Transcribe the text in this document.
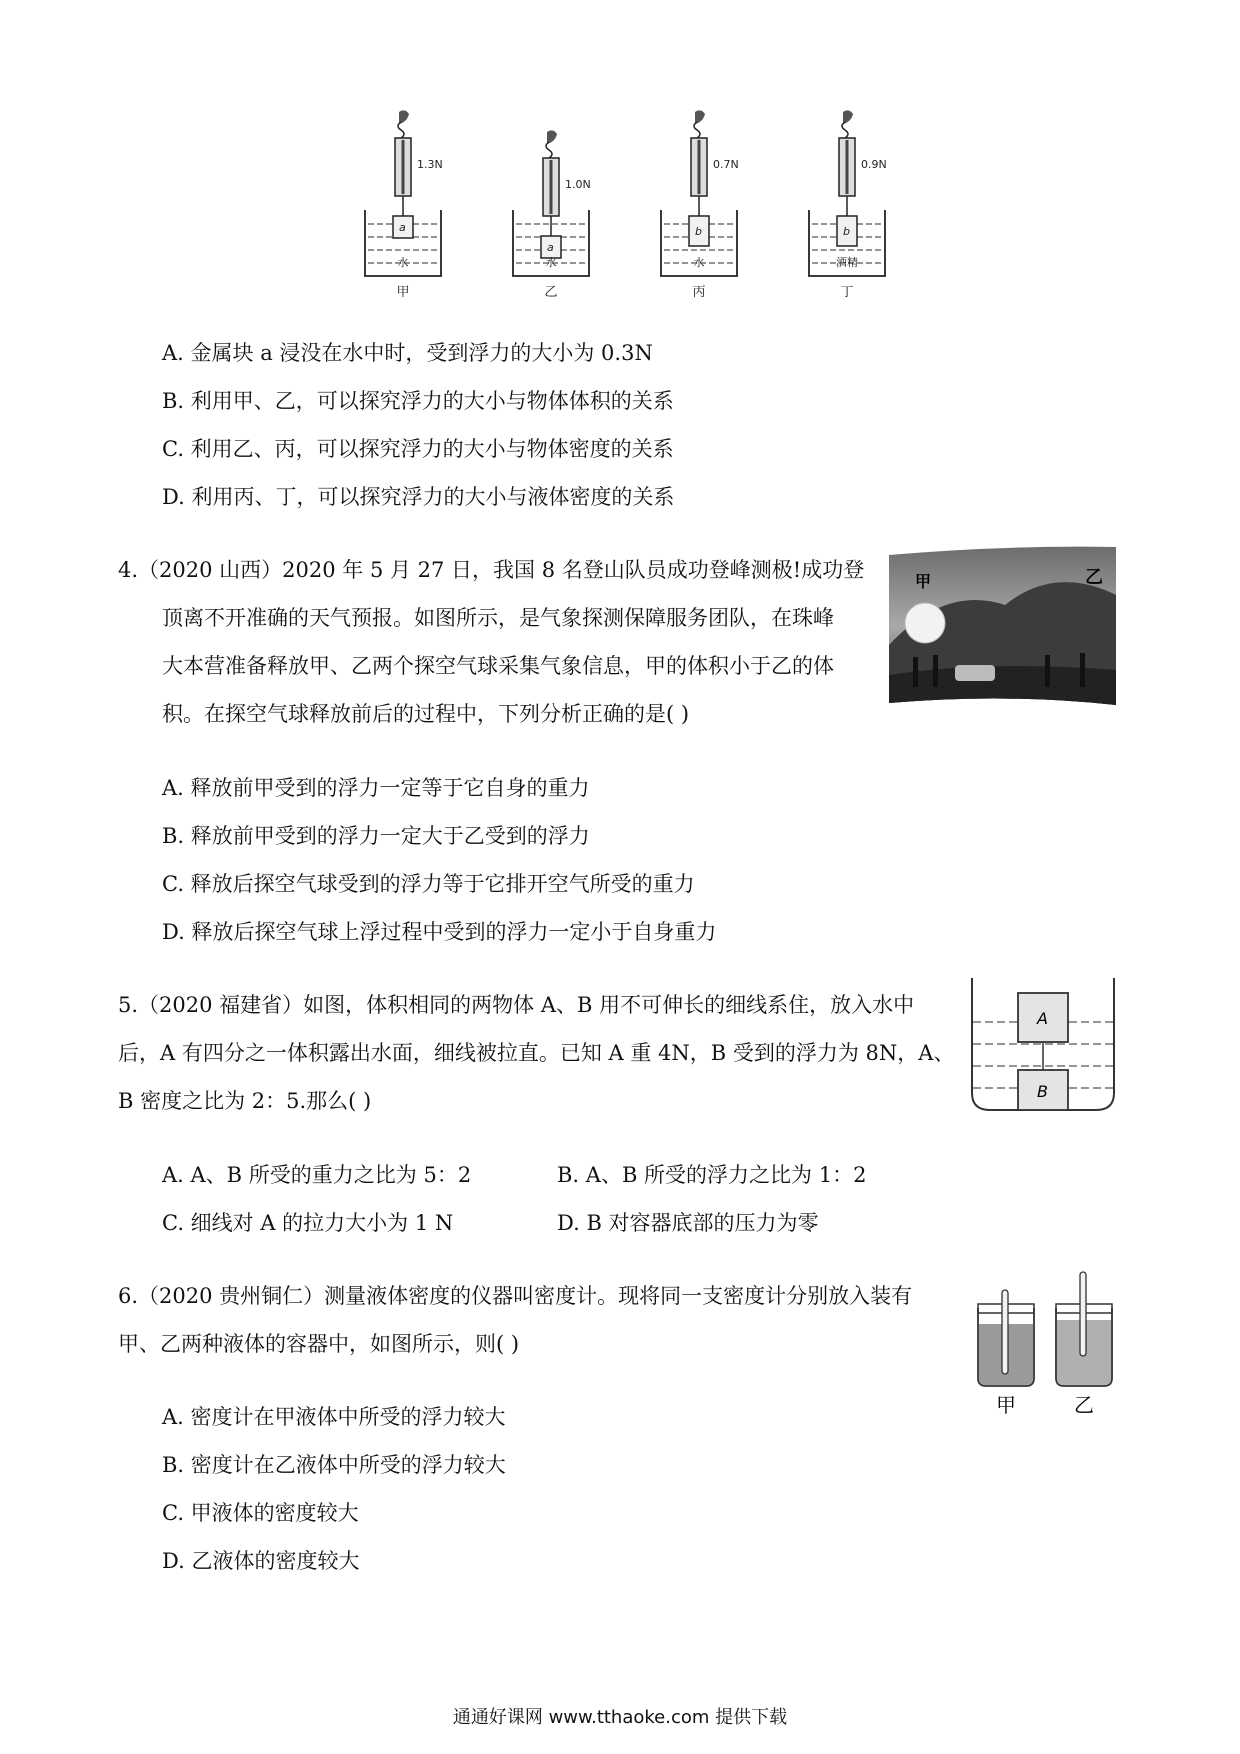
1.3N
a
水
甲
1.0N
a
水
乙
0.7N
b
水
丙
0.9N
b
酒精
丁
A. 金属块 a 浸没在水中时，受到浮力的大小为 0.3N
B. 利用甲、乙，可以探究浮力的大小与物体体积的关系
C. 利用乙、丙，可以探究浮力的大小与物体密度的关系
D. 利用丙、丁，可以探究浮力的大小与液体密度的关系
4.（2020 山西）2020 年 5 月 27 日，我国 8 名登山队员成功登峰测极!成功登
顶离不开准确的天气预报。如图所示，是气象探测保障服务团队，在珠峰
大本营准备释放甲、乙两个探空气球采集气象信息，甲的体积小于乙的体
积。在探空气球释放前后的过程中，下列分析正确的是( )
甲	乙
A. 释放前甲受到的浮力一定等于它自身的重力
B. 释放前甲受到的浮力一定大于乙受到的浮力
C. 释放后探空气球受到的浮力等于它排开空气所受的重力
D. 释放后探空气球上浮过程中受到的浮力一定小于自身重力
5.（2020 福建省）如图，体积相同的两物体 A、B 用不可伸长的细线系住，放入水中
后，A 有四分之一体积露出水面，细线被拉直。已知 A 重 4N，B 受到的浮力为 8N，A、
B 密度之比为 2：5.那么( )
A
B
A. A、B 所受的重力之比为 5：2	B. A、B 所受的浮力之比为 1：2
C. 细线对 A 的拉力大小为 1 N	D. B 对容器底部的压力为零
6.（2020 贵州铜仁）测量液体密度的仪器叫密度计。现将同一支密度计分别放入装有
甲、乙两种液体的容器中，如图所示，则( )
甲	乙
A. 密度计在甲液体中所受的浮力较大
B. 密度计在乙液体中所受的浮力较大
C. 甲液体的密度较大
D. 乙液体的密度较大
通通好课网 www.tthaoke.com 提供下载
